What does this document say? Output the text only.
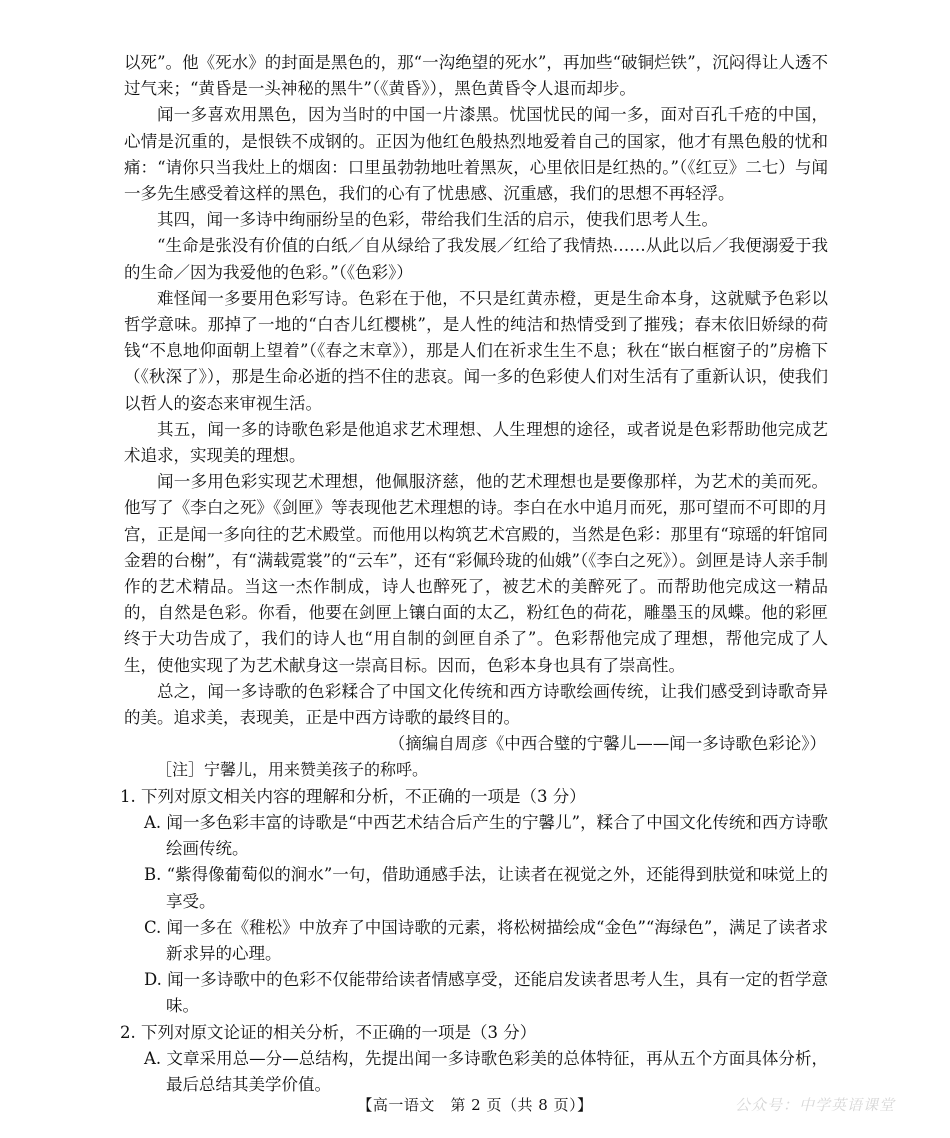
以死”。他《死水》的封面是黑色的，那“一沟绝望的死水”，再加些“破铜烂铁”，沉闷得让人透不过气来；“黄昏是一头神秘的黑牛”（《黄昏》），黑色黄昏令人退而却步。

闻一多喜欢用黑色，因为当时的中国一片漆黑。忧国忧民的闻一多，面对百孔千疮的中国，心情是沉重的，是恨铁不成钢的。正因为他红色般热烈地爱着自己的国家，他才有黑色般的忧和痛：“请你只当我灶上的烟囱：口里虽勃勃地吐着黑灰，心里依旧是红热的。”（《红豆》二七）与闻一多先生感受着这样的黑色，我们的心有了忧患感、沉重感，我们的思想不再轻浮。

其四，闻一多诗中绚丽纷呈的色彩，带给我们生活的启示，使我们思考人生。

“生命是张没有价值的白纸／自从绿给了我发展／红给了我情热……从此以后／我便溺爱于我的生命／因为我爱他的色彩。”（《色彩》）

难怪闻一多要用色彩写诗。色彩在于他，不只是红黄赤橙，更是生命本身，这就赋予色彩以哲学意味。那掉了一地的“白杏儿红樱桃”，是人性的纯洁和热情受到了摧残；春末依旧娇绿的荷钱“不息地仰面朝上望着”（《春之末章》），那是人们在祈求生生不息；秋在“嵌白框窗子的”房檐下（《秋深了》），那是生命必逝的挡不住的悲哀。闻一多的色彩使人们对生活有了重新认识，使我们以哲人的姿态来审视生活。

其五，闻一多的诗歌色彩是他追求艺术理想、人生理想的途径，或者说是色彩帮助他完成艺术追求，实现美的理想。

闻一多用色彩实现艺术理想，他佩服济慈，他的艺术理想也是要像那样，为艺术的美而死。他写了《李白之死》《剑匣》等表现他艺术理想的诗。李白在水中追月而死，那可望而不可即的月宫，正是闻一多向往的艺术殿堂。而他用以构筑艺术宫殿的，当然是色彩：那里有“琼瑶的轩馆同金碧的台榭”，有“满载霓裳”的“云车”，还有“彩佩玲珑的仙娥”（《李白之死》）。剑匣是诗人亲手制作的艺术精品。当这一杰作制成，诗人也醉死了，被艺术的美醉死了。而帮助他完成这一精品的，自然是色彩。你看，他要在剑匣上镶白面的太乙，粉红色的荷花，雕墨玉的凤蝶。他的彩匣终于大功告成了，我们的诗人也“用自制的剑匣自杀了”。色彩帮他完成了理想，帮他完成了人生，使他实现了为艺术献身这一崇高目标。因而，色彩本身也具有了崇高性。

总之，闻一多诗歌的色彩糅合了中国文化传统和西方诗歌绘画传统，让我们感受到诗歌奇异的美。追求美，表现美，正是中西方诗歌的最终目的。

（摘编自周彦《中西合璧的宁馨儿——闻一多诗歌色彩论》）

［注］宁馨儿，用来赞美孩子的称呼。

1. 下列对原文相关内容的理解和分析，不正确的一项是（3 分）

A. 闻一多色彩丰富的诗歌是“中西艺术结合后产生的宁馨儿”，糅合了中国文化传统和西方诗歌绘画传统。

B. “紫得像葡萄似的涧水”一句，借助通感手法，让读者在视觉之外，还能得到肤觉和味觉上的享受。

C. 闻一多在《稚松》中放弃了中国诗歌的元素，将松树描绘成“金色”“海绿色”，满足了读者求新求异的心理。

D. 闻一多诗歌中的色彩不仅能带给读者情感享受，还能启发读者思考人生，具有一定的哲学意味。

2. 下列对原文论证的相关分析，不正确的一项是（3 分）

A. 文章采用总—分—总结构，先提出闻一多诗歌色彩美的总体特征，再从五个方面具体分析，最后总结其美学价值。

【高一语文　第 2 页（共 8 页）】	公众号：中学英语课堂
